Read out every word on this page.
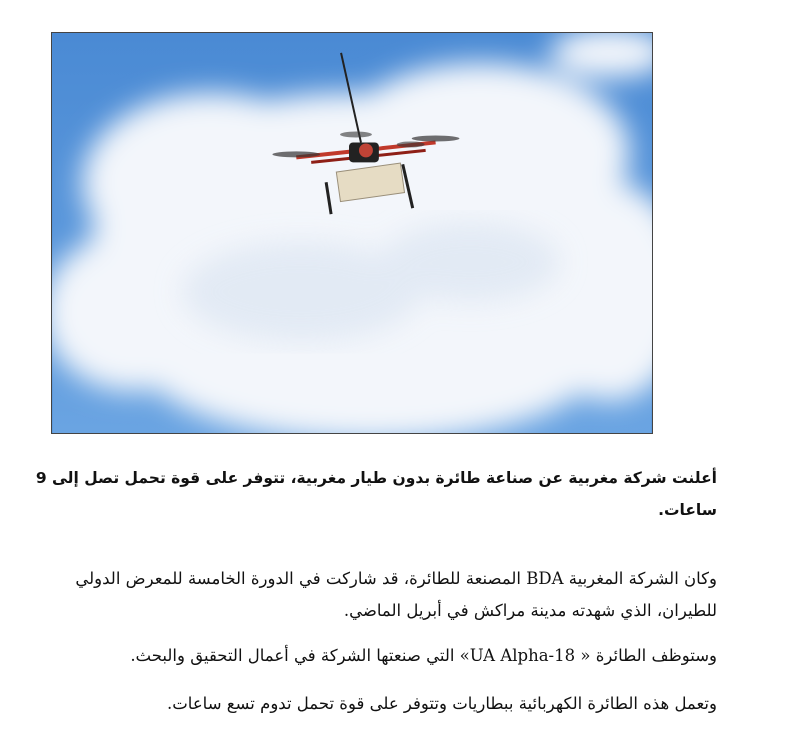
أعلنت شركة مغربية عن صناعة طائرة بدون طيار مغربية، تتوفر على قوة تحمل تصل إلى 9 ساعات.

وكان الشركة المغربية BDA المصنعة للطائرة، قد شاركت في الدورة الخامسة للمعرض الدولي للطيران، الذي شهدته مدينة مراكش في أبريل الماضي.

وستوظف الطائرة « UA Alpha-18» التي صنعتها الشركة في أعمال التحقيق والبحث.

وتعمل هذه الطائرة الكهربائية ببطاريات وتتوفر على قوة تحمل تدوم تسع ساعات.
